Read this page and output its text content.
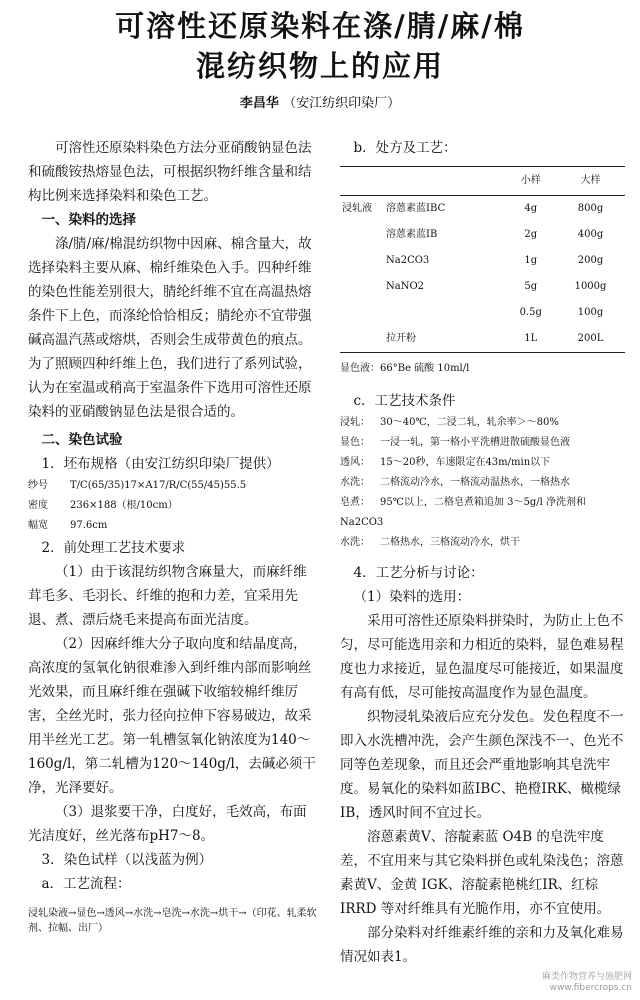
可溶性还原染料在涤/腈/麻/棉
混纺织物上的应用
李昌华 （安江纺织印染厂）

可溶性还原染料染色方法分亚硝酸钠显色法和硫酸铵热熔显色法，可根据织物纤维含量和结构比例来选择染料和染色工艺。

一、染料的选择

涤/腈/麻/棉混纺织物中因麻、棉含量大，故选择染料主要从麻、棉纤维染色入手。四种纤维的染色性能差别很大，腈纶纤维不宜在高温热熔条件下上色，而涤纶恰恰相反；腈纶亦不宜带强碱高温汽蒸或熔烘，否则会生成带黄色的痕点。为了照顾四种纤维上色，我们进行了系列试验，认为在室温或稍高于室温条件下选用可溶性还原染料的亚硝酸钠显色法是很合适的。

二、染色试验

1．坯布规格（由安江纺织印染厂提供）

纱号 T/C(65/35)17×A17/R/C(55/45)55.5

密度 236×188（根/10cm）

幅宽 97.6cm

2．前处理工艺技术要求

（1）由于该混纺织物含麻量大，而麻纤维茸毛多、毛羽长、纤维的抱和力差，宜采用先退、煮、漂后烧毛来提高布面光洁度。

（2）因麻纤维大分子取向度和结晶度高，高浓度的氢氧化钠很难渗入到纤维内部而影响丝光效果，而且麻纤维在强碱下收缩较棉纤维厉害，全丝光时，张力径向拉伸下容易破边，故采用半丝光工艺。第一轧槽氢氧化钠浓度为140～160g/l，第二轧槽为120～140g/l，去碱必须干净，光泽要好。

（3）退浆要干净，白度好，毛效高，布面光洁度好，丝光落布pH7～8。

3．染色试样（以浅蓝为例）

a．工艺流程：

浸轧染液→显色→透风→水洗→皂洗→水洗→烘干→（印花、轧柔软剂、拉幅、出厂）

b．处方及工艺：

		小样	大样
浸轧液	溶蒽素蓝IBC	4g	800g
	溶蒽素蓝IB	2g	400g
	Na2CO3	1g	200g
	NaNO2	5g	1000g
		0.5g	100g
	拉开粉	1L	200L

显色液：66°Be 硫酸 10ml/l

c．工艺技术条件

浸轧： 30～40℃，二浸二轧，轧余率＞～80%

显色： 一浸一轧，第一格小平洗槽进散硫酸显色液

透风： 15～20秒，车速限定在43m/min以下

水洗： 二格流动冷水，一格流动温热水，一格热水

皂煮： 95℃以上，二格皂煮箱追加 3～5g/l 净洗剂和Na2CO3

水洗： 二格热水，三格流动冷水，烘干

4．工艺分析与讨论：

（1）染料的选用：

采用可溶性还原染料拼染时，为防止上色不匀，尽可能选用亲和力相近的染料，显色难易程度也力求接近，显色温度尽可能接近，如果温度有高有低，尽可能按高温度作为显色温度。

织物浸轧染液后应充分发色。发色程度不一即入水洗槽冲洗，会产生颜色深浅不一、色光不同等色差现象，而且还会严重地影响其皂洗牢度。易氧化的染料如蓝IBC、艳橙IRK、橄榄绿IB，透风时间不宜过长。

溶蒽素黄V、溶靛素蓝 O4B 的皂洗牢度差，不宜用来与其它染料拼色或轧染浅色；溶蒽素黄V、金黄 IGK、溶靛素艳桃红IR、红棕IRRD 等对纤维具有光脆作用，亦不宜使用。

部分染料对纤维素纤维的亲和力及氧化难易情况如表1。

麻类作物营养与施肥网
www.fibercrops.cn
